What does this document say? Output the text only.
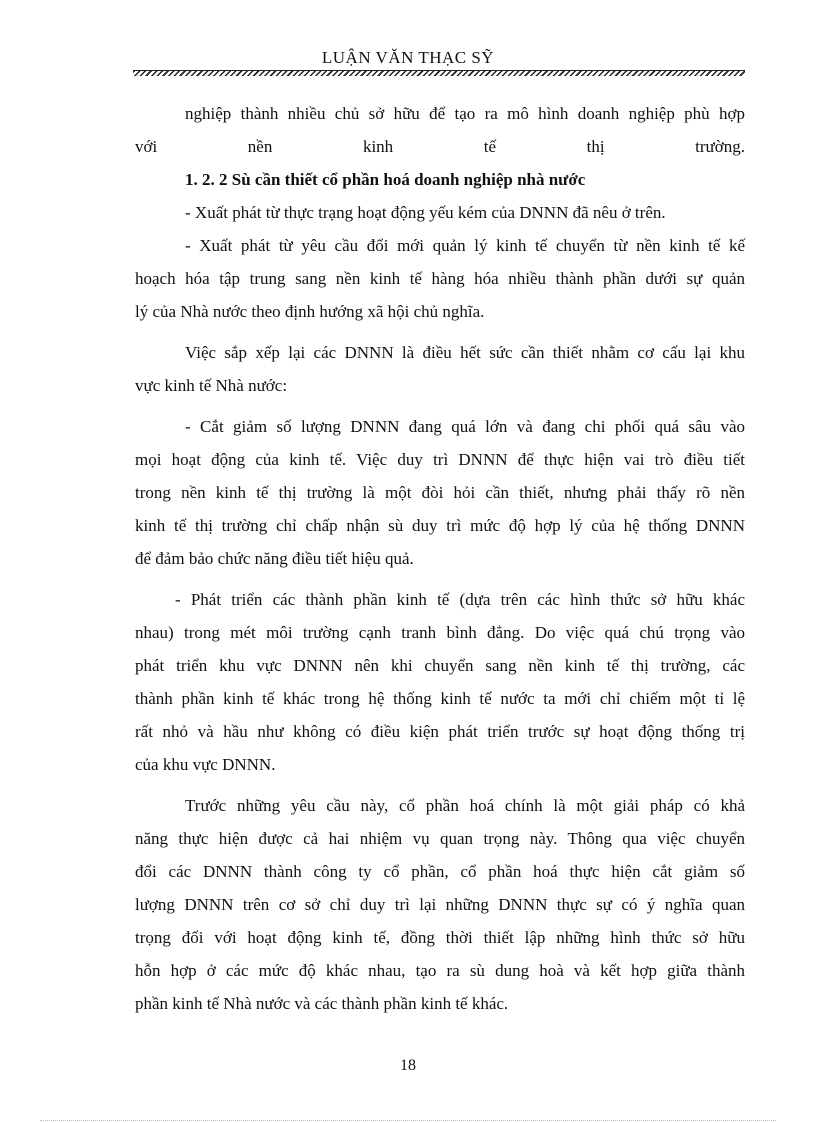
LUẬN VĂN THẠC SỸ
nghiệp thành nhiều chủ sở hữu để tạo ra mô hình doanh nghiệp phù hợp
với nền kinh tế thị trường.
1. 2. 2 Sù cần thiết cổ phần hoá doanh nghiệp nhà nước
- Xuất phát từ thực trạng hoạt động yếu kém của DNNN đã nêu ở trên.
- Xuất phát từ yêu cầu đổi mới quản lý kinh tế chuyển từ nền kinh tế kế
hoạch hóa tập trung sang nền kinh tế hàng hóa nhiều thành phần dưới sự quản
lý của Nhà nước theo định hướng xã hội chủ nghĩa.
Việc sắp xếp lại các DNNN là điều hết sức cần thiết nhằm cơ cấu lại khu
vực kinh tế Nhà nước:
- Cắt giảm số lượng DNNN đang quá lớn và đang chi phối quá sâu vào
mọi hoạt động của kinh tế. Việc duy trì DNNN để thực hiện vai trò điều tiết
trong nền kinh tế thị trường là một đòi hỏi cần thiết, nhưng phải thấy rõ nền
kinh tế thị trường chỉ chấp nhận sù duy trì mức độ hợp lý của hệ thống DNNN
để đảm bảo chức năng điều tiết hiệu quả.
- Phát triển các thành phần kinh tế (dựa trên các hình thức sở hữu khác
nhau) trong mét môi trường cạnh tranh bình đẳng. Do việc quá chú trọng vào
phát triển khu vực DNNN nên khi chuyển sang nền kinh tế thị trường, các
thành phần kinh tế khác trong hệ thống kinh tế nước ta mới chỉ chiếm một tỉ lệ
rất nhỏ và hầu như không có điều kiện phát triển trước sự hoạt động thống trị
của khu vực DNNN.
Trước những yêu cầu này, cổ phần hoá chính là một giải pháp có khả
năng thực hiện được cả hai nhiệm vụ quan trọng này. Thông qua việc chuyển
đổi các DNNN thành công ty cổ phần, cổ phần hoá thực hiện cắt giảm số
lượng DNNN trên cơ sở chỉ duy trì lại những DNNN thực sự có ý nghĩa quan
trọng đối với hoạt động kinh tế, đồng thời thiết lập những hình thức sở hữu
hỗn hợp ở các mức độ khác nhau, tạo ra sù dung hoà và kết hợp giữa thành
phần kinh tế Nhà nước và các thành phần kinh tế khác.
18
